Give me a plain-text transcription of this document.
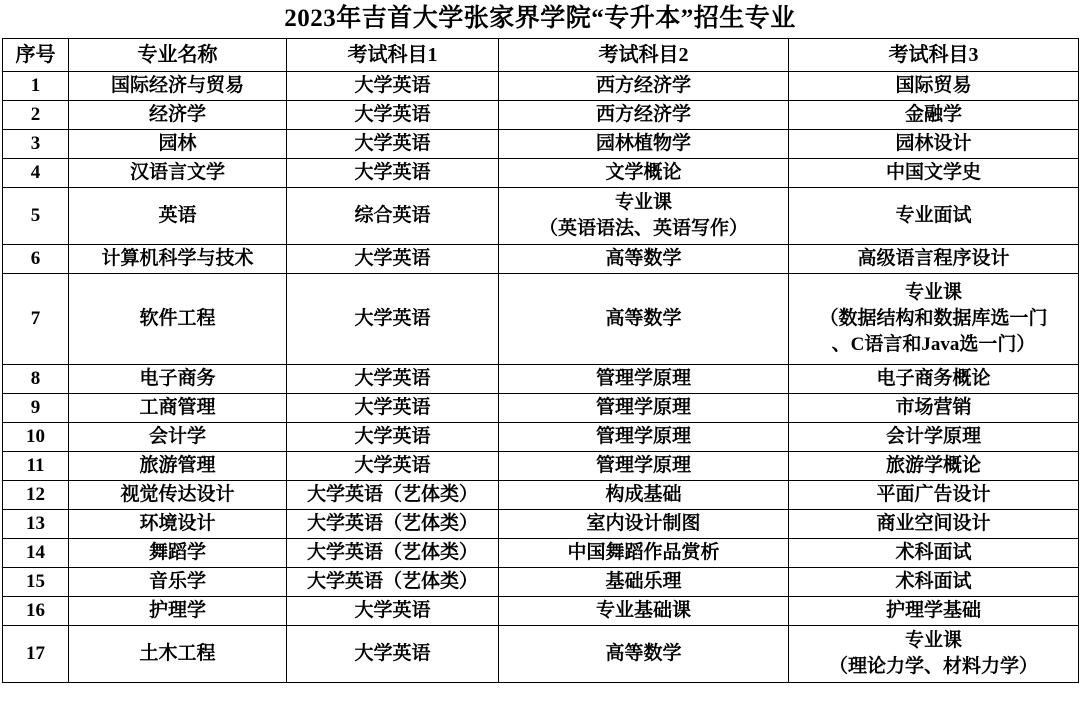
2023年吉首大学张家界学院“专升本”招生专业
序号	专业名称	考试科目1	考试科目2	考试科目3
1	国际经济与贸易	大学英语	西方经济学	国际贸易
2	经济学	大学英语	西方经济学	金融学
3	园林	大学英语	园林植物学	园林设计
4	汉语言文学	大学英语	文学概论	中国文学史
5	英语	综合英语	专业课
（英语语法、英语写作）	专业面试
6	计算机科学与技术	大学英语	高等数学	高级语言程序设计
7	软件工程	大学英语	高等数学	专业课
（数据结构和数据库选一门
、C语言和Java选一门）

8	电子商务	大学英语	管理学原理	电子商务概论
9	工商管理	大学英语	管理学原理	市场营销
10	会计学	大学英语	管理学原理	会计学原理
11	旅游管理	大学英语	管理学原理	旅游学概论
12	视觉传达设计	大学英语（艺体类）	构成基础	平面广告设计
13	环境设计	大学英语（艺体类）	室内设计制图	商业空间设计
14	舞蹈学	大学英语（艺体类）	中国舞蹈作品赏析	术科面试
15	音乐学	大学英语（艺体类）	基础乐理	术科面试
16	护理学	大学英语	专业基础课	护理学基础
17	土木工程	大学英语	高等数学	专业课
（理论力学、材料力学）
